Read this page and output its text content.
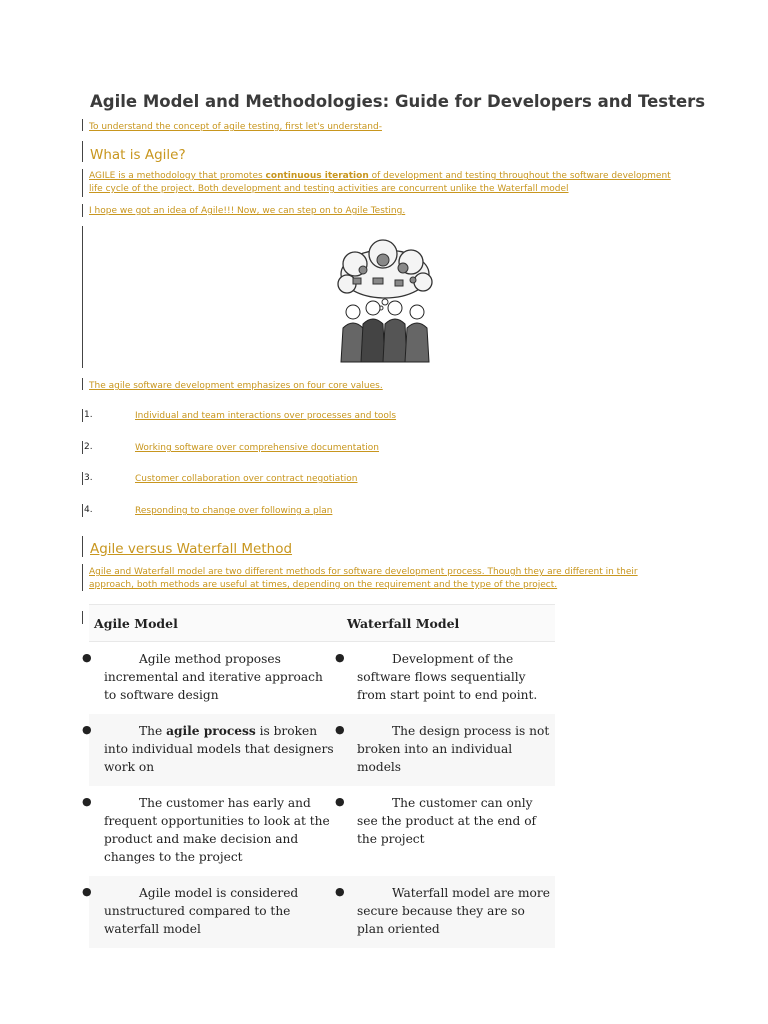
Agile Model and Methodologies: Guide for Developers and Testers
To understand the concept of agile testing, first let's understand-
What is Agile?
AGILE is a methodology that promotes continuous iteration of development and testing throughout the software development life cycle of the project. Both development and testing activities are concurrent unlike the Waterfall model
I hope we got an idea of Agile!!! Now, we can step on to Agile Testing.
The agile software development emphasizes on four core values.
1.	Individual and team interactions over processes and tools
2.	Working software over comprehensive documentation
3.	Customer collaboration over contract negotiation
4.	Responding to change over following a plan
Agile versus Waterfall Method
Agile and Waterfall model are two different methods for software development process. Though they are different in their approach, both methods are useful at times, depending on the requirement and the type of the project.
Agile Model	Waterfall Model

● Agile method proposes incremental and iterative approach to software design	● Development of the software flows sequentially from start point to end point.

● The agile process is broken into individual models that designers work on	● The design process is not broken into an individual models

● The customer has early and frequent opportunities to look at the product and make decision and changes to the project	● The customer can only see the product at the end of the project

● Agile model is considered unstructured compared to the waterfall model	● Waterfall model are more secure because they are so plan oriented
